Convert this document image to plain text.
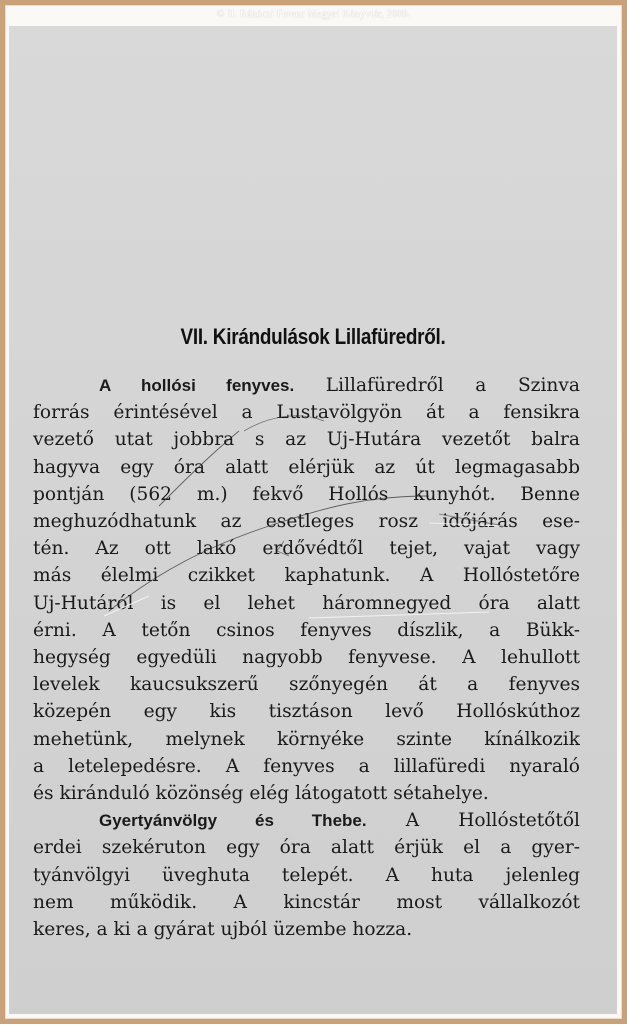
© II. Rákóczi Ferenc Megyei Könyvtár, 2009.
VII. Kirándulások Lillafüredről.
A hollósi fenyves. Lillafüredről a Szinva
forrás érintésével a Lustavölgyön át a fensikra
vezető utat jobbra s az Uj-Hutára vezetőt balra
hagyva egy óra alatt elérjük az út legmagasabb
pontján (562 m.) fekvő Hollós kunyhót. Benne
meghuzódhatunk az esetleges rosz időjárás ese-
tén. Az ott lakó erdővédtől tejet, vajat vagy
más élelmi czikket kaphatunk. A Hollóstetőre
Uj-Hutáról is el lehet háromnegyed óra alatt
érni. A tetőn csinos fenyves díszlik, a Bükk-
hegység egyedüli nagyobb fenyvese. A lehullott
levelek kaucsukszerű szőnyegén át a fenyves
közepén egy kis tisztáson levő Hollóskúthoz
mehetünk, melynek környéke szinte kínálkozik
a letelepedésre. A fenyves a lillafüredi nyaraló
és kiránduló közönség elég látogatott sétahelye.
Gyertyánvölgy és Thebe. A Hollóstetőtől
erdei szekéruton egy óra alatt érjük el a gyer-
tyánvölgyi üveghuta telepét. A huta jelenleg
nem működik. A kincstár most vállalkozót
keres, a ki a gyárat ujból üzembe hozza.
